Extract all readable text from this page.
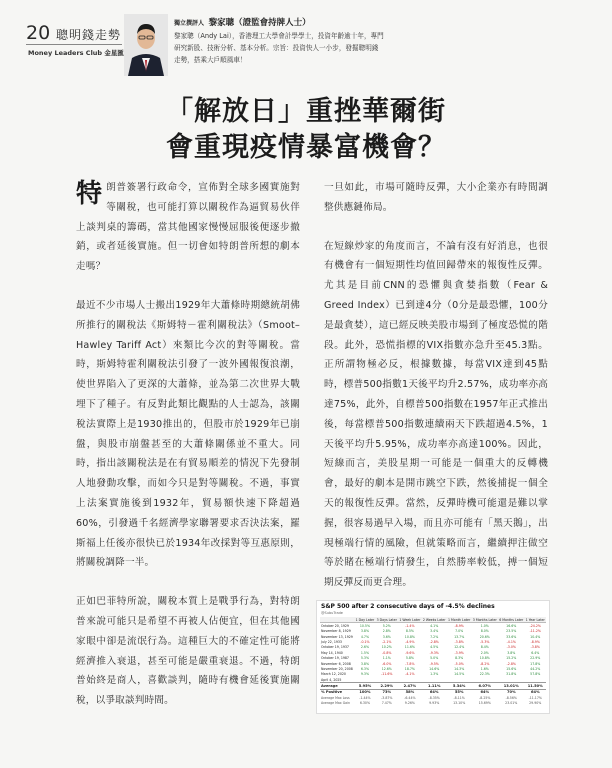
20 聰明錢走勢
Money Leaders Club 金星匯
獨立撰評人 黎家聰（證監會持牌人士）
黎家聰（Andy Lai），香港理工大學會計學學士，投資年齡逾十年，專門研究新股、技術分析、基本分析。宗旨：投資快人一小步，發掘聰明錢走勢，搭乘大戶順風車！
「解放日」重挫華爾街
會重現疫情暴富機會？

特朗普簽署行政命令，宣佈對全球多國實施對等關稅，也可能打算以關稅作為逼貿易伙伴上談判桌的籌碼，當其他國家慢慢屈服後便逐步撤銷，或者延後實施。但一切會如特朗普所想的劇本走嗎？

最近不少市場人士搬出1929年大蕭條時期總統胡佛所推行的關稅法《斯姆特－霍利關稅法》（Smoot–Hawley Tariff Act）來類比今次的對等關稅。當時，斯姆特霍利關稅法引發了一波外國報復浪潮，使世界陷入了更深的大蕭條，並為第二次世界大戰埋下了種子。有反對此類比觀點的人士認為，該關稅法實際上是1930推出的，但股市於1929年已崩盤，與股市崩盤甚至的大蕭條關係並不重大。同時，指出該關稅法是在有貿易順差的情況下先發制人地發動攻擊，而如今只是對等關稅。不過，事實上法案實施後到1932年，貿易額快速下降超過60%，引發過千名經濟學家聯署要求否決法案，羅斯福上任後亦很快已於1934年改採對等互惠原則，將關稅調降一半。

正如巴菲特所說，關稅本質上是戰爭行為，對特朗普來說可能只是希望不再被人佔便宜，但在其他國家眼中卻是流氓行為。這種巨大的不確定性可能將經濟推入衰退，甚至可能是嚴重衰退。不過，特朗普始終是商人，喜歡談判，隨時有機會延後實施關稅，以爭取談判時間。

一旦如此，市場可隨時反彈，大小企業亦有時間調整供應鏈佈局。

在短線炒家的角度而言，不論有沒有好消息，也很有機會有一個短期性均值回歸帶來的報復性反彈。尤其是目前CNN的恐懼與貪婪指數（Fear & Greed Index）已到達4分（0分是最恐懼，100分是最貪婪），這已經反映美股市場到了極度恐慌的階段。此外，恐慌指標的VIX指數亦急升至45.3點。正所謂物極必反，根據數據，每當VIX達到45點時，標普500指數1天後平均升2.57%，成功率亦高達75%，此外，自標普500指數在1957年正式推出後，每當標普500指數連續兩天下跌超過4.5%，1天後平均升5.95%，成功率亦高達100%。因此，短線而言，美股星期一可能是一個重大的反轉機會，最好的劇本是開市跳空下跌，然後捕捉一個全天的報復性反彈。當然，反彈時機可能還是難以掌握，很容易過早入場，而且亦可能有「黑天鵝」，出現極端行情的風險，但就策略而言，繼續押注做空等於賭在極端行情發生，自然勝率較低，搏一個短期反彈反而更合理。

S&P 500 after 2 consecutive days of -4.5% declines
@SubuTrade
	1 Day Later	3 Days Later	1 Week Later	2 Weeks Later	1 Month Later	3 Months Later	6 Months Later	1 Year Later
October 20, 1929	10.5%	5.2%	-1.4%	4.1%	-8.9%	1.0%	16.6%	-24.2%
November 8, 1929	3.8%	2.8%	8.5%	3.4%	7.0%	8.0%	23.5%	-11.2%
November 13, 1929	4.7%	3.6%	10.8%	7.2%	13.7%	20.6%	33.6%	10.4%
July 22, 1933	-0.1%	-2.1%	-4.9%	-2.8%	-3.8%	-5.3%	-4.1%	-8.9%
October 19, 1937	2.6%	10.2%	11.6%	4.5%	12.4%	8.4%	-3.0%	-3.8%
May 14, 1940	1.5%	-0.8%	-9.6%	-9.3%	-3.9%	2.0%	3.8%	6.4%
October 19, 1987	5.3%	1.1%	5.8%	5.0%	8.3%	10.8%	15.2%	22.9%
November 6, 2008	3.8%	-6.0%	-7.8%	-9.5%	-5.0%	-8.2%	-2.8%	17.8%
November 20, 2008	6.3%	12.6%	18.7%	14.6%	14.3%	1.6%	15.6%	44.2%
March 12, 2020	9.3%	-11.6%	-4.1%	1.3%	14.5%	22.3%	31.8%	57.8%
April 4, 2025								
Average	5.95%	2.29%	2.47%	1.11%	5.34%	6.07%	13.01%	11.50%
% Positive	100%	73%	58%	64%	55%	64%	70%	64%
Average Max Loss	-1.44%	-3.87%	-6.44%	-8.35%	-8.11%	-8.25%	-8.56%	-11.17%
Average Max Gain	6.30%	7.47%	9.26%	9.93%	13.10%	15.69%	23.01%	29.90%
